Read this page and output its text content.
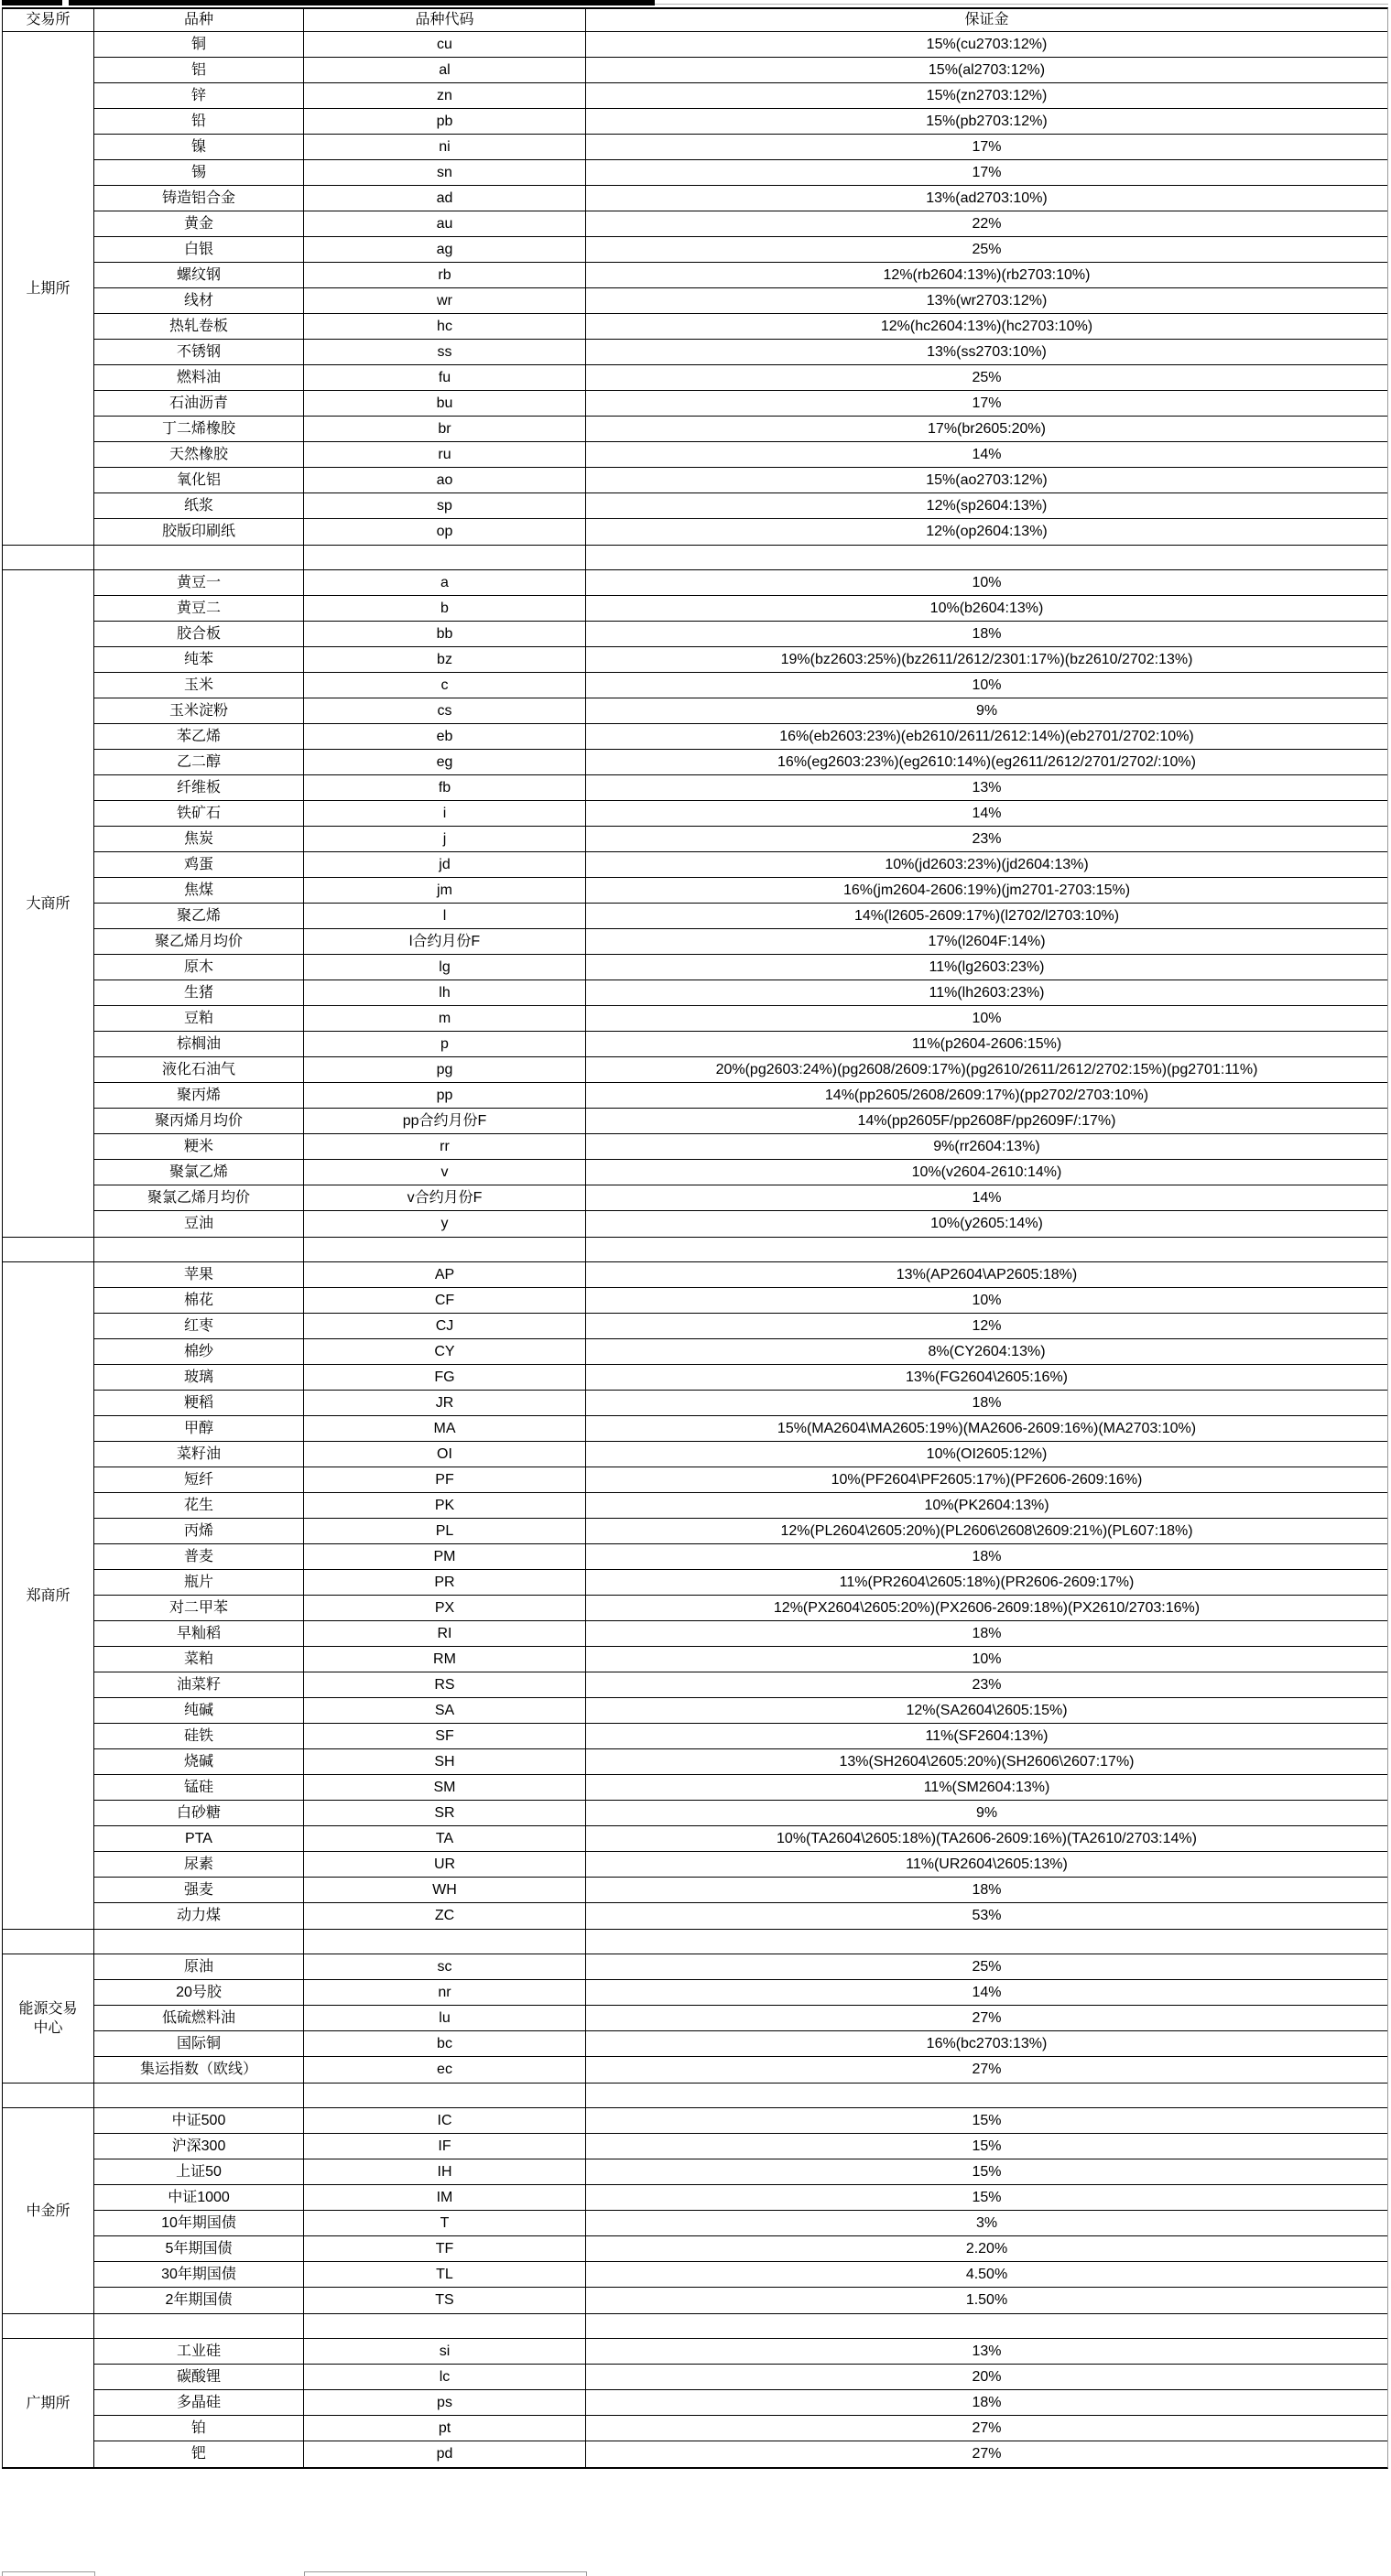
交易所	品种	品种代码	保证金
上期所
铜	cu	15%(cu2703:12%)
铝	al	15%(al2703:12%)
锌	zn	15%(zn2703:12%)
铅	pb	15%(pb2703:12%)
镍	ni	17%
锡	sn	17%
铸造铝合金	ad	13%(ad2703:10%)
黄金	au	22%
白银	ag	25%
螺纹钢	rb	12%(rb2604:13%)(rb2703:10%)
线材	wr	13%(wr2703:12%)
热轧卷板	hc	12%(hc2604:13%)(hc2703:10%)
不锈钢	ss	13%(ss2703:10%)
燃料油	fu	25%
石油沥青	bu	17%
丁二烯橡胶	br	17%(br2605:20%)
天然橡胶	ru	14%
氧化铝	ao	15%(ao2703:12%)
纸浆	sp	12%(sp2604:13%)
胶版印刷纸	op	12%(op2604:13%)
大商所
黄豆一	a	10%
黄豆二	b	10%(b2604:13%)
胶合板	bb	18%
纯苯	bz	19%(bz2603:25%)(bz2611/2612/2301:17%)(bz2610/2702:13%)
玉米	c	10%
玉米淀粉	cs	9%
苯乙烯	eb	16%(eb2603:23%)(eb2610/2611/2612:14%)(eb2701/2702:10%)
乙二醇	eg	16%(eg2603:23%)(eg2610:14%)(eg2611/2612/2701/2702/:10%)
纤维板	fb	13%
铁矿石	i	14%
焦炭	j	23%
鸡蛋	jd	10%(jd2603:23%)(jd2604:13%)
焦煤	jm	16%(jm2604-2606:19%)(jm2701-2703:15%)
聚乙烯	l	14%(l2605-2609:17%)(l2702/l2703:10%)
聚乙烯月均价	l合约月份F	17%(l2604F:14%)
原木	lg	11%(lg2603:23%)
生猪	lh	11%(lh2603:23%)
豆粕	m	10%
棕榈油	p	11%(p2604-2606:15%)
液化石油气	pg	20%(pg2603:24%)(pg2608/2609:17%)(pg2610/2611/2612/2702:15%)(pg2701:11%)
聚丙烯	pp	14%(pp2605/2608/2609:17%)(pp2702/2703:10%)
聚丙烯月均价	pp合约月份F	14%(pp2605F/pp2608F/pp2609F/:17%)
粳米	rr	9%(rr2604:13%)
聚氯乙烯	v	10%(v2604-2610:14%)
聚氯乙烯月均价	v合约月份F	14%
豆油	y	10%(y2605:14%)
郑商所
苹果	AP	13%(AP2604\AP2605:18%)
棉花	CF	10%
红枣	CJ	12%
棉纱	CY	8%(CY2604:13%)
玻璃	FG	13%(FG2604\2605:16%)
粳稻	JR	18%
甲醇	MA	15%(MA2604\MA2605:19%)(MA2606-2609:16%)(MA2703:10%)
菜籽油	OI	10%(OI2605:12%)
短纤	PF	10%(PF2604\PF2605:17%)(PF2606-2609:16%)
花生	PK	10%(PK2604:13%)
丙烯	PL	12%(PL2604\2605:20%)(PL2606\2608\2609:21%)(PL607:18%)
普麦	PM	18%
瓶片	PR	11%(PR2604\2605:18%)(PR2606-2609:17%)
对二甲苯	PX	12%(PX2604\2605:20%)(PX2606-2609:18%)(PX2610/2703:16%)
早籼稻	RI	18%
菜粕	RM	10%
油菜籽	RS	23%
纯碱	SA	12%(SA2604\2605:15%)
硅铁	SF	11%(SF2604:13%)
烧碱	SH	13%(SH2604\2605:20%)(SH2606\2607:17%)
锰硅	SM	11%(SM2604:13%)
白砂糖	SR	9%
PTA	TA	10%(TA2604\2605:18%)(TA2606-2609:16%)(TA2610/2703:14%)
尿素	UR	11%(UR2604\2605:13%)
强麦	WH	18%
动力煤	ZC	53%
能源交易中心
原油	sc	25%
20号胶	nr	14%
低硫燃料油	lu	27%
国际铜	bc	16%(bc2703:13%)
集运指数（欧线）	ec	27%
中金所
中证500	IC	15%
沪深300	IF	15%
上证50	IH	15%
中证1000	IM	15%
10年期国债	T	3%
5年期国债	TF	2.20%
30年期国债	TL	4.50%
2年期国债	TS	1.50%
广期所
工业硅	si	13%
碳酸锂	lc	20%
多晶硅	ps	18%
铂	pt	27%
钯	pd	27%
